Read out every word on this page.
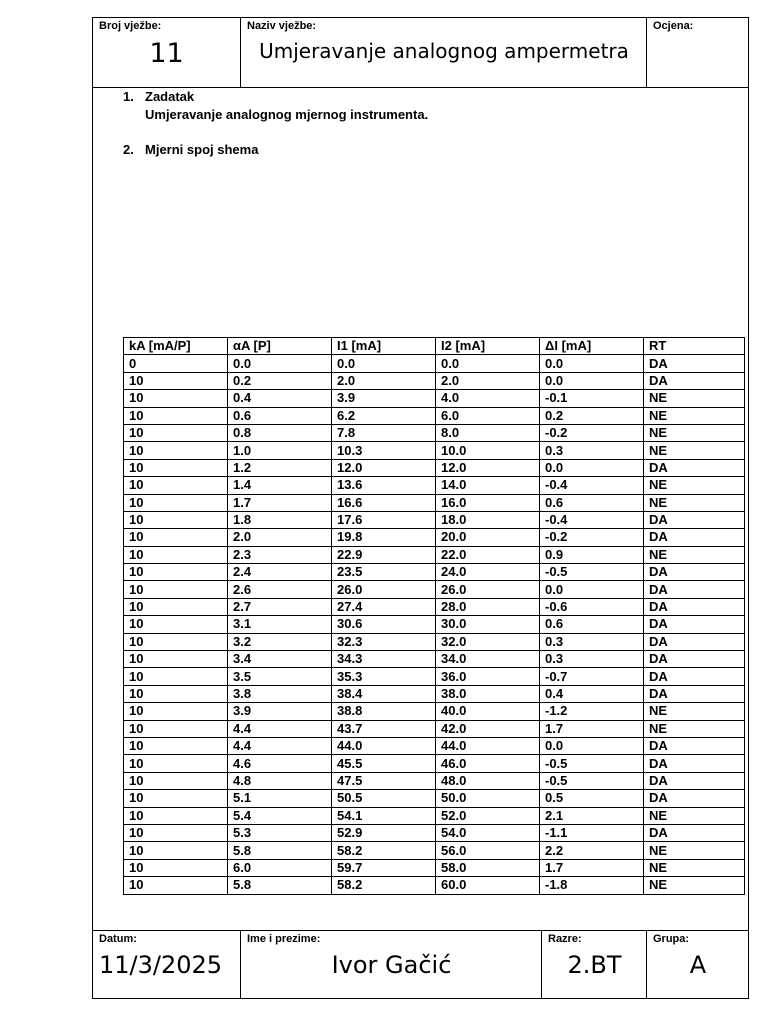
Broj vježbe:
11
Naziv vježbe:
Umjeravanje analognog ampermetra
Ocjena:
1. Zadatak
Umjeravanje analognog mjernog instrumenta.
2. Mjerni spoj shema
kA [mA/P]	αA [P]	I1 [mA]	I2 [mA]	ΔI [mA]	RT
0	0.0	0.0	0.0	0.0	DA
10	0.2	2.0	2.0	0.0	DA
10	0.4	3.9	4.0	-0.1	NE
10	0.6	6.2	6.0	0.2	NE
10	0.8	7.8	8.0	-0.2	NE
10	1.0	10.3	10.0	0.3	NE
10	1.2	12.0	12.0	0.0	DA
10	1.4	13.6	14.0	-0.4	NE
10	1.7	16.6	16.0	0.6	NE
10	1.8	17.6	18.0	-0.4	DA
10	2.0	19.8	20.0	-0.2	DA
10	2.3	22.9	22.0	0.9	NE
10	2.4	23.5	24.0	-0.5	DA
10	2.6	26.0	26.0	0.0	DA
10	2.7	27.4	28.0	-0.6	DA
10	3.1	30.6	30.0	0.6	DA
10	3.2	32.3	32.0	0.3	DA
10	3.4	34.3	34.0	0.3	DA
10	3.5	35.3	36.0	-0.7	DA
10	3.8	38.4	38.0	0.4	DA
10	3.9	38.8	40.0	-1.2	NE
10	4.4	43.7	42.0	1.7	NE
10	4.4	44.0	44.0	0.0	DA
10	4.6	45.5	46.0	-0.5	DA
10	4.8	47.5	48.0	-0.5	DA
10	5.1	50.5	50.0	0.5	DA
10	5.4	54.1	52.0	2.1	NE
10	5.3	52.9	54.0	-1.1	DA
10	5.8	58.2	56.0	2.2	NE
10	6.0	59.7	58.0	1.7	NE
10	5.8	58.2	60.0	-1.8	NE
Datum:
11/3/2025
Ime i prezime:
Ivor Gačić
Razre:
2.BT
Grupa:
A
